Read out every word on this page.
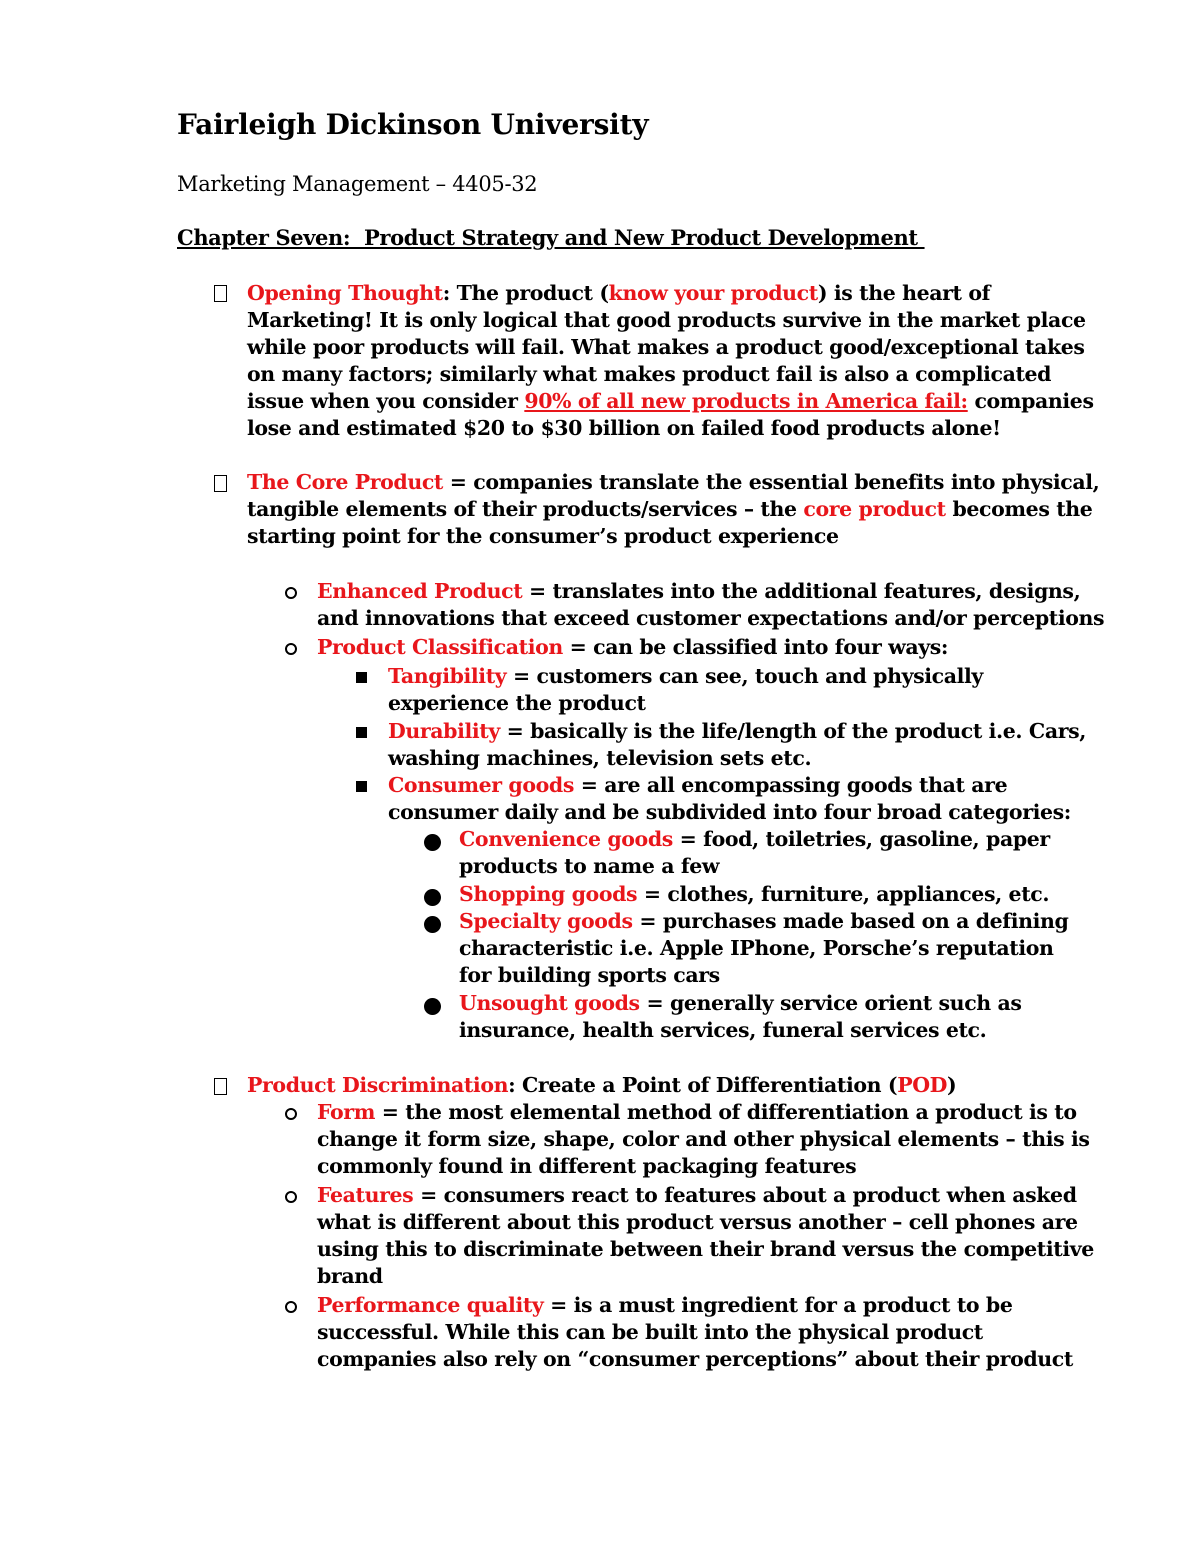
Fairleigh Dickinson University
Marketing Management – 4405-32
Chapter Seven:  Product Strategy and New Product Development
Opening Thought: The product (know your product) is the heart of
Marketing! It is only logical that good products survive in the market place
while poor products will fail. What makes a product good/exceptional takes
on many factors; similarly what makes product fail is also a complicated
issue when you consider 90% of all new products in America fail: companies
lose and estimated $20 to $30 billion on failed food products alone!
The Core Product = companies translate the essential benefits into physical,
tangible elements of their products/services – the core product becomes the
starting point for the consumer’s product experience
Enhanced Product = translates into the additional features, designs,
and innovations that exceed customer expectations and/or perceptions
Product Classification = can be classified into four ways:
Tangibility = customers can see, touch and physically
experience the product
Durability = basically is the life/length of the product i.e. Cars,
washing machines, television sets etc.
Consumer goods = are all encompassing goods that are
consumer daily and be subdivided into four broad categories:
Convenience goods = food, toiletries, gasoline, paper
products to name a few
Shopping goods = clothes, furniture, appliances, etc.
Specialty goods = purchases made based on a defining
characteristic i.e. Apple IPhone, Porsche’s reputation
for building sports cars
Unsought goods = generally service orient such as
insurance, health services, funeral services etc.
Product Discrimination: Create a Point of Differentiation (POD)
Form = the most elemental method of differentiation a product is to
change it form size, shape, color and other physical elements – this is
commonly found in different packaging features
Features = consumers react to features about a product when asked
what is different about this product versus another – cell phones are
using this to discriminate between their brand versus the competitive
brand
Performance quality = is a must ingredient for a product to be
successful. While this can be built into the physical product
companies also rely on “consumer perceptions” about their product
